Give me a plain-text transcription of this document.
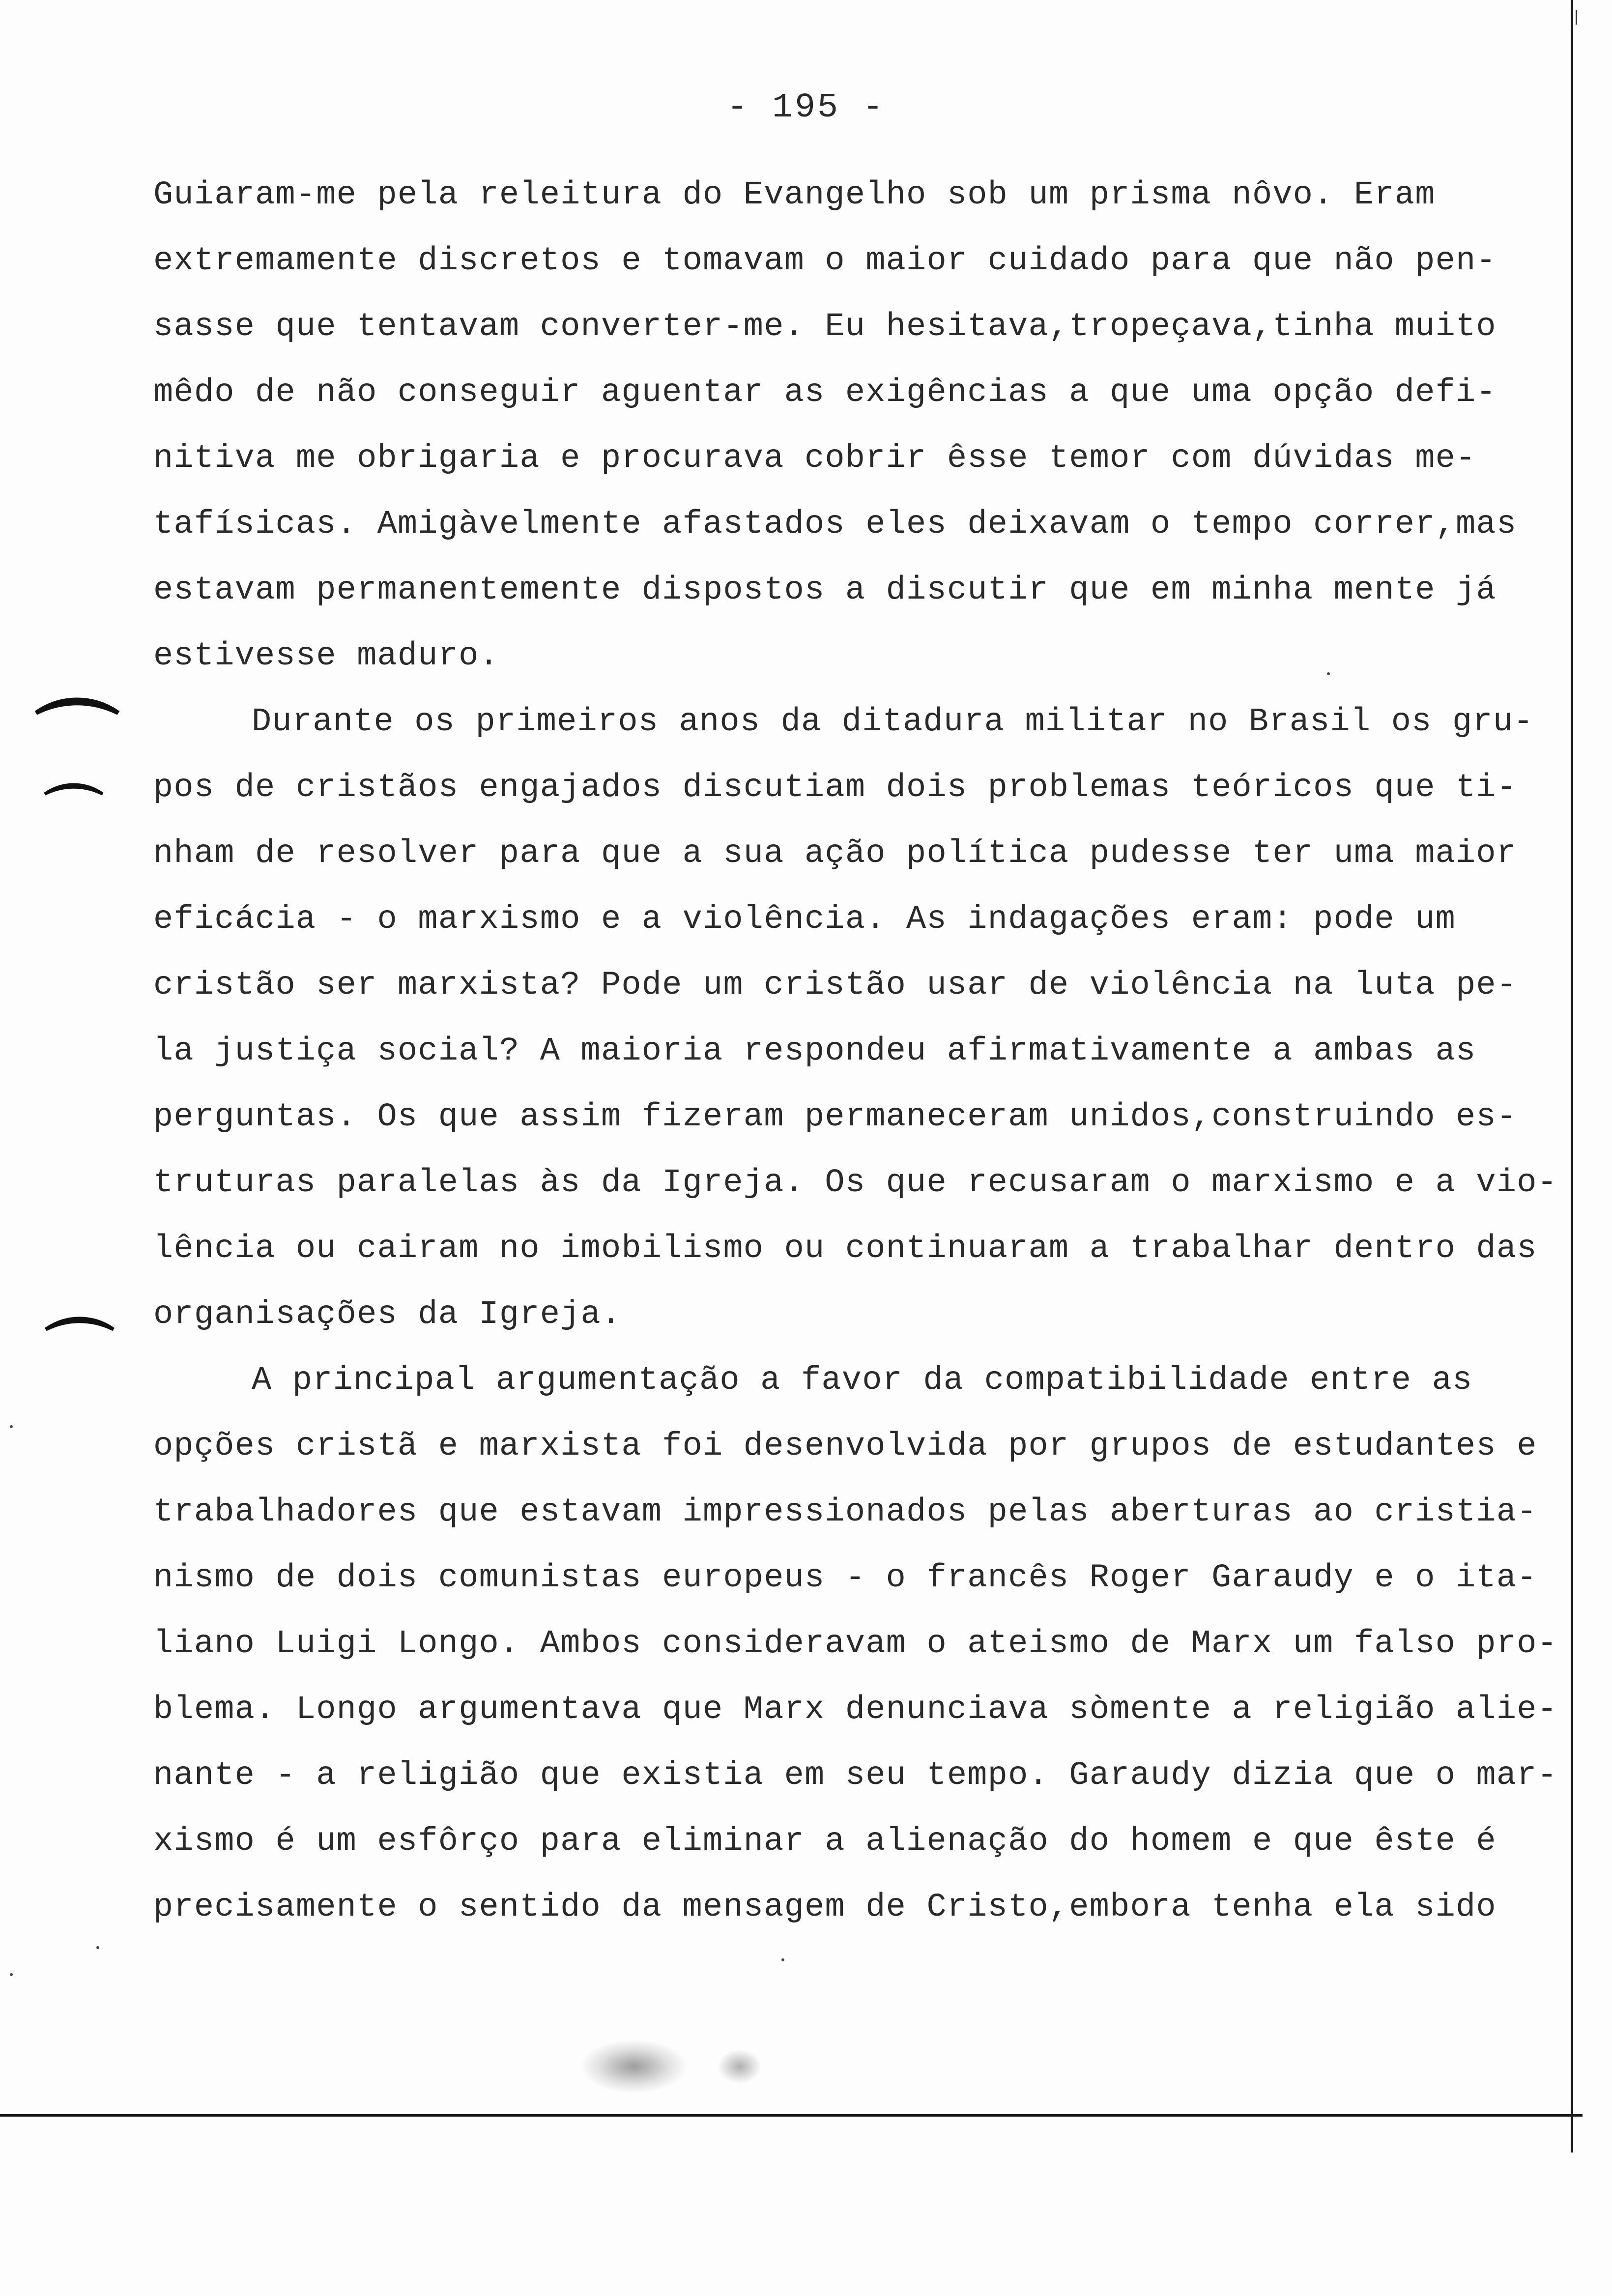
- 195 -
Guiaram-me pela releitura do Evangelho sob um prisma nôvo. Eram
extremamente discretos e tomavam o maior cuidado para que não pen-
sasse que tentavam converter-me. Eu hesitava,tropeçava,tinha muito
mêdo de não conseguir aguentar as exigências a que uma opção defi-
nitiva me obrigaria e procurava cobrir êsse temor com dúvidas me-
tafísicas. Amigàvelmente afastados eles deixavam o tempo correr,mas
estavam permanentemente dispostos a discutir que em minha mente já
estivesse maduro.
Durante os primeiros anos da ditadura militar no Brasil os gru-
pos de cristãos engajados discutiam dois problemas teóricos que ti-
nham de resolver para que a sua ação política pudesse ter uma maior
eficácia - o marxismo e a violência. As indagações eram: pode um
cristão ser marxista? Pode um cristão usar de violência na luta pe-
la justiça social? A maioria respondeu afirmativamente a ambas as
perguntas. Os que assim fizeram permaneceram unidos,construindo es-
truturas paralelas às da Igreja. Os que recusaram o marxismo e a vio-
lência ou cairam no imobilismo ou continuaram a trabalhar dentro das
organisações da Igreja.
A principal argumentação a favor da compatibilidade entre as
opções cristã e marxista foi desenvolvida por grupos de estudantes e
trabalhadores que estavam impressionados pelas aberturas ao cristia-
nismo de dois comunistas europeus - o francês Roger Garaudy e o ita-
liano Luigi Longo. Ambos consideravam o ateismo de Marx um falso pro-
blema. Longo argumentava que Marx denunciava sòmente a religião alie-
nante - a religião que existia em seu tempo. Garaudy dizia que o mar-
xismo é um esfôrço para eliminar a alienação do homem e que êste é
precisamente o sentido da mensagem de Cristo,embora tenha ela sido
⌒
⌒
⌒
